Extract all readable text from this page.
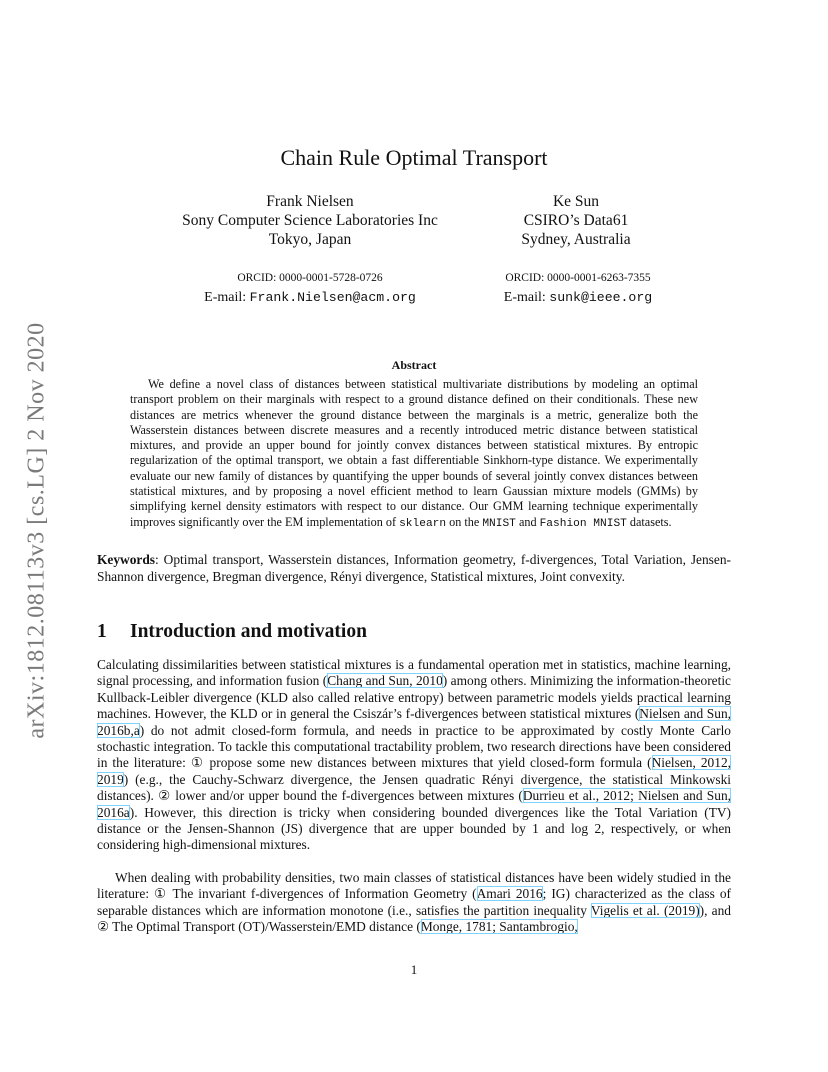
arXiv:1812.08113v3 [cs.LG] 2 Nov 2020
Chain Rule Optimal Transport
Frank Nielsen
Sony Computer Science Laboratories Inc
Tokyo, Japan
Ke Sun
CSIRO’s Data61
Sydney, Australia
ORCID: 0000-0001-5728-0726
E-mail: Frank.Nielsen@acm.org
ORCID: 0000-0001-6263-7355
E-mail: sunk@ieee.org
Abstract
We define a novel class of distances between statistical multivariate distributions by modeling an optimal transport problem on their marginals with respect to a ground distance defined on their conditionals. These new distances are metrics whenever the ground distance between the marginals is a metric, generalize both the Wasserstein distances between discrete measures and a recently introduced metric distance between statistical mixtures, and provide an upper bound for jointly convex distances between statistical mixtures. By entropic regularization of the optimal transport, we obtain a fast differentiable Sinkhorn-type distance. We experimentally evaluate our new family of distances by quantifying the upper bounds of several jointly convex distances between statistical mixtures, and by proposing a novel efficient method to learn Gaussian mixture models (GMMs) by simplifying kernel density estimators with respect to our distance. Our GMM learning technique experimentally improves significantly over the EM implementation of sklearn on the MNIST and Fashion MNIST datasets.
Keywords: Optimal transport, Wasserstein distances, Information geometry, f-divergences, Total Variation, Jensen-Shannon divergence, Bregman divergence, Rényi divergence, Statistical mixtures, Joint convexity.
1 Introduction and motivation
Calculating dissimilarities between statistical mixtures is a fundamental operation met in statistics, machine learning, signal processing, and information fusion (Chang and Sun, 2010) among others. Minimizing the information-theoretic Kullback-Leibler divergence (KLD also called relative entropy) between parametric models yields practical learning machines. However, the KLD or in general the Csiszár’s f-divergences between statistical mixtures (Nielsen and Sun, 2016b,a) do not admit closed-form formula, and needs in practice to be approximated by costly Monte Carlo stochastic integration. To tackle this computational tractability problem, two research directions have been considered in the literature: ① propose some new distances between mixtures that yield closed-form formula (Nielsen, 2012, 2019) (e.g., the Cauchy-Schwarz divergence, the Jensen quadratic Rényi divergence, the statistical Minkowski distances). ② lower and/or upper bound the f-divergences between mixtures (Durrieu et al., 2012; Nielsen and Sun, 2016a). However, this direction is tricky when considering bounded divergences like the Total Variation (TV) distance or the Jensen-Shannon (JS) divergence that are upper bounded by 1 and log 2, respectively, or when considering high-dimensional mixtures.
When dealing with probability densities, two main classes of statistical distances have been widely studied in the literature: ① The invariant f-divergences of Information Geometry (Amari 2016; IG) characterized as the class of separable distances which are information monotone (i.e., satisfies the partition inequality Vigelis et al. (2019)), and ② The Optimal Transport (OT)/Wasserstein/EMD distance (Monge, 1781; Santambrogio,
1
